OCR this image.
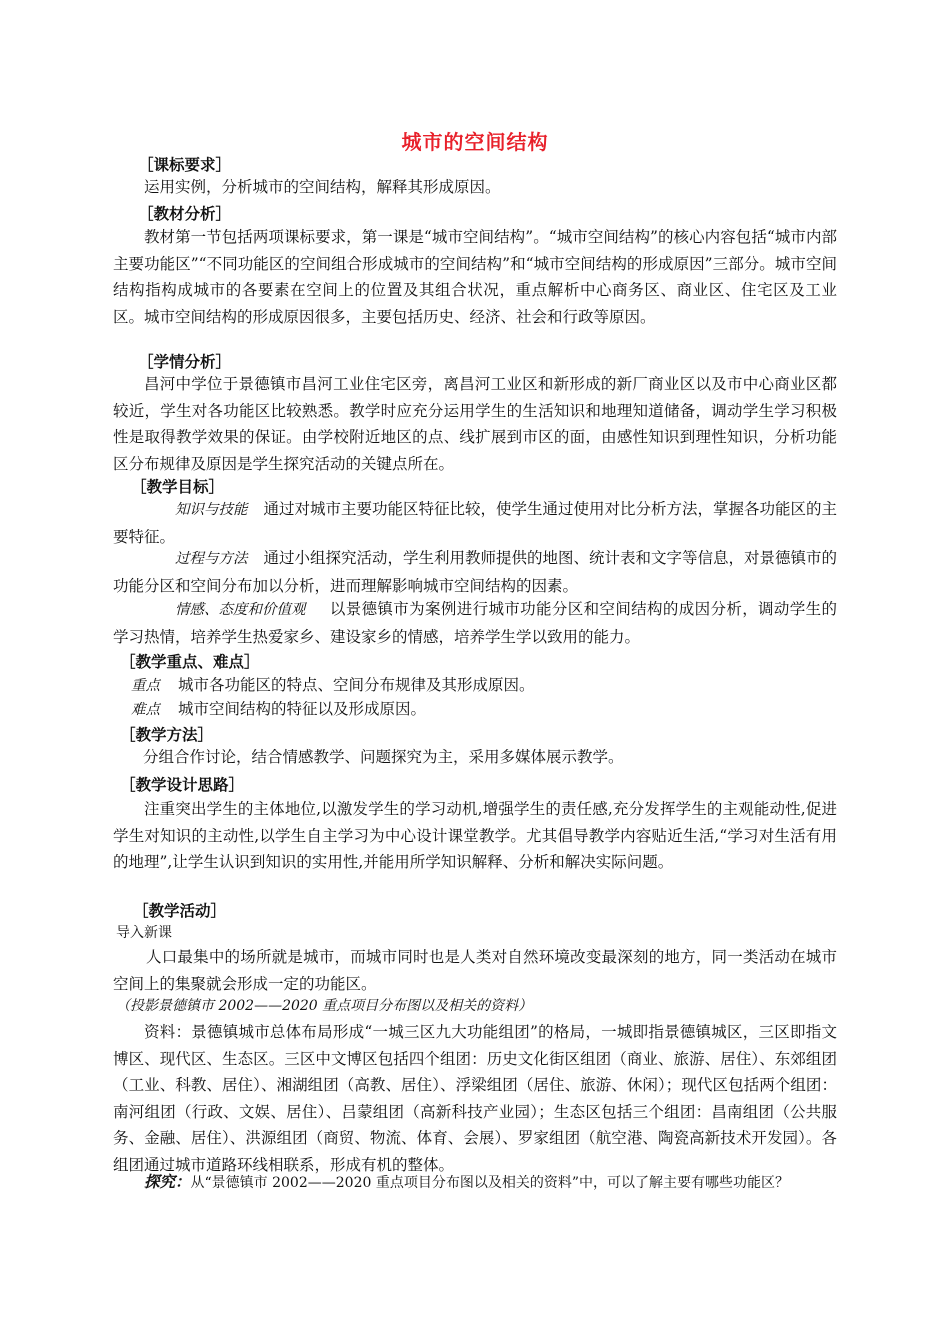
城市的空间结构
［课标要求］
运用实例，分析城市的空间结构，解释其形成原因。
［教材分析］
教材第一节包括两项课标要求，第一课是“城市空间结构”。“城市空间结构”的核心内容包括“城市内部主要功能区”“不同功能区的空间组合形成城市的空间结构”和“城市空间结构的形成原因”三部分。城市空间结构指构成城市的各要素在空间上的位置及其组合状况，重点解析中心商务区、商业区、住宅区及工业区。城市空间结构的形成原因很多，主要包括历史、经济、社会和行政等原因。
［学情分析］
昌河中学位于景德镇市昌河工业住宅区旁，离昌河工业区和新形成的新厂商业区以及市中心商业区都较近，学生对各功能区比较熟悉。教学时应充分运用学生的生活知识和地理知道储备，调动学生学习积极性是取得教学效果的保证。由学校附近地区的点、线扩展到市区的面，由感性知识到理性知识，分析功能区分布规律及原因是学生探究活动的关键点所在。
［教学目标］
知识与技能 通过对城市主要功能区特征比较，使学生通过使用对比分析方法，掌握各功能区的主要特征。
过程与方法 通过小组探究活动，学生利用教师提供的地图、统计表和文字等信息，对景德镇市的功能分区和空间分布加以分析，进而理解影响城市空间结构的因素。
情感、态度和价值观 以景德镇市为案例进行城市功能分区和空间结构的成因分析，调动学生的学习热情，培养学生热爱家乡、建设家乡的情感，培养学生学以致用的能力。
［教学重点、难点］
重点 城市各功能区的特点、空间分布规律及其形成原因。
难点 城市空间结构的特征以及形成原因。
［教学方法］
分组合作讨论，结合情感教学、问题探究为主，采用多媒体展示教学。
［教学设计思路］
注重突出学生的主体地位,以激发学生的学习动机,增强学生的责任感,充分发挥学生的主观能动性,促进学生对知识的主动性,以学生自主学习为中心设计课堂教学。尤其倡导教学内容贴近生活,“学习对生活有用的地理”,让学生认识到知识的实用性,并能用所学知识解释、分析和解决实际问题。
［教学活动］
导入新课
人口最集中的场所就是城市，而城市同时也是人类对自然环境改变最深刻的地方，同一类活动在城市空间上的集聚就会形成一定的功能区。
（投影景德镇市 2002——2020 重点项目分布图以及相关的资料）
资料：景德镇城市总体布局形成“一城三区九大功能组团”的格局，一城即指景德镇城区，三区即指文博区、现代区、生态区。三区中文博区包括四个组团：历史文化街区组团（商业、旅游、居住）、东郊组团（工业、科教、居住）、湘湖组团（高教、居住）、浮梁组团（居住、旅游、休闲）；现代区包括两个组团：南河组团（行政、文娱、居住）、吕蒙组团（高新科技产业园）；生态区包括三个组团：昌南组团（公共服务、金融、居住）、洪源组团（商贸、物流、体育、会展）、罗家组团（航空港、陶瓷高新技术开发园）。各组团通过城市道路环线相联系，形成有机的整体。
探究：从“景德镇市 2002——2020 重点项目分布图以及相关的资料”中，可以了解主要有哪些功能区？
